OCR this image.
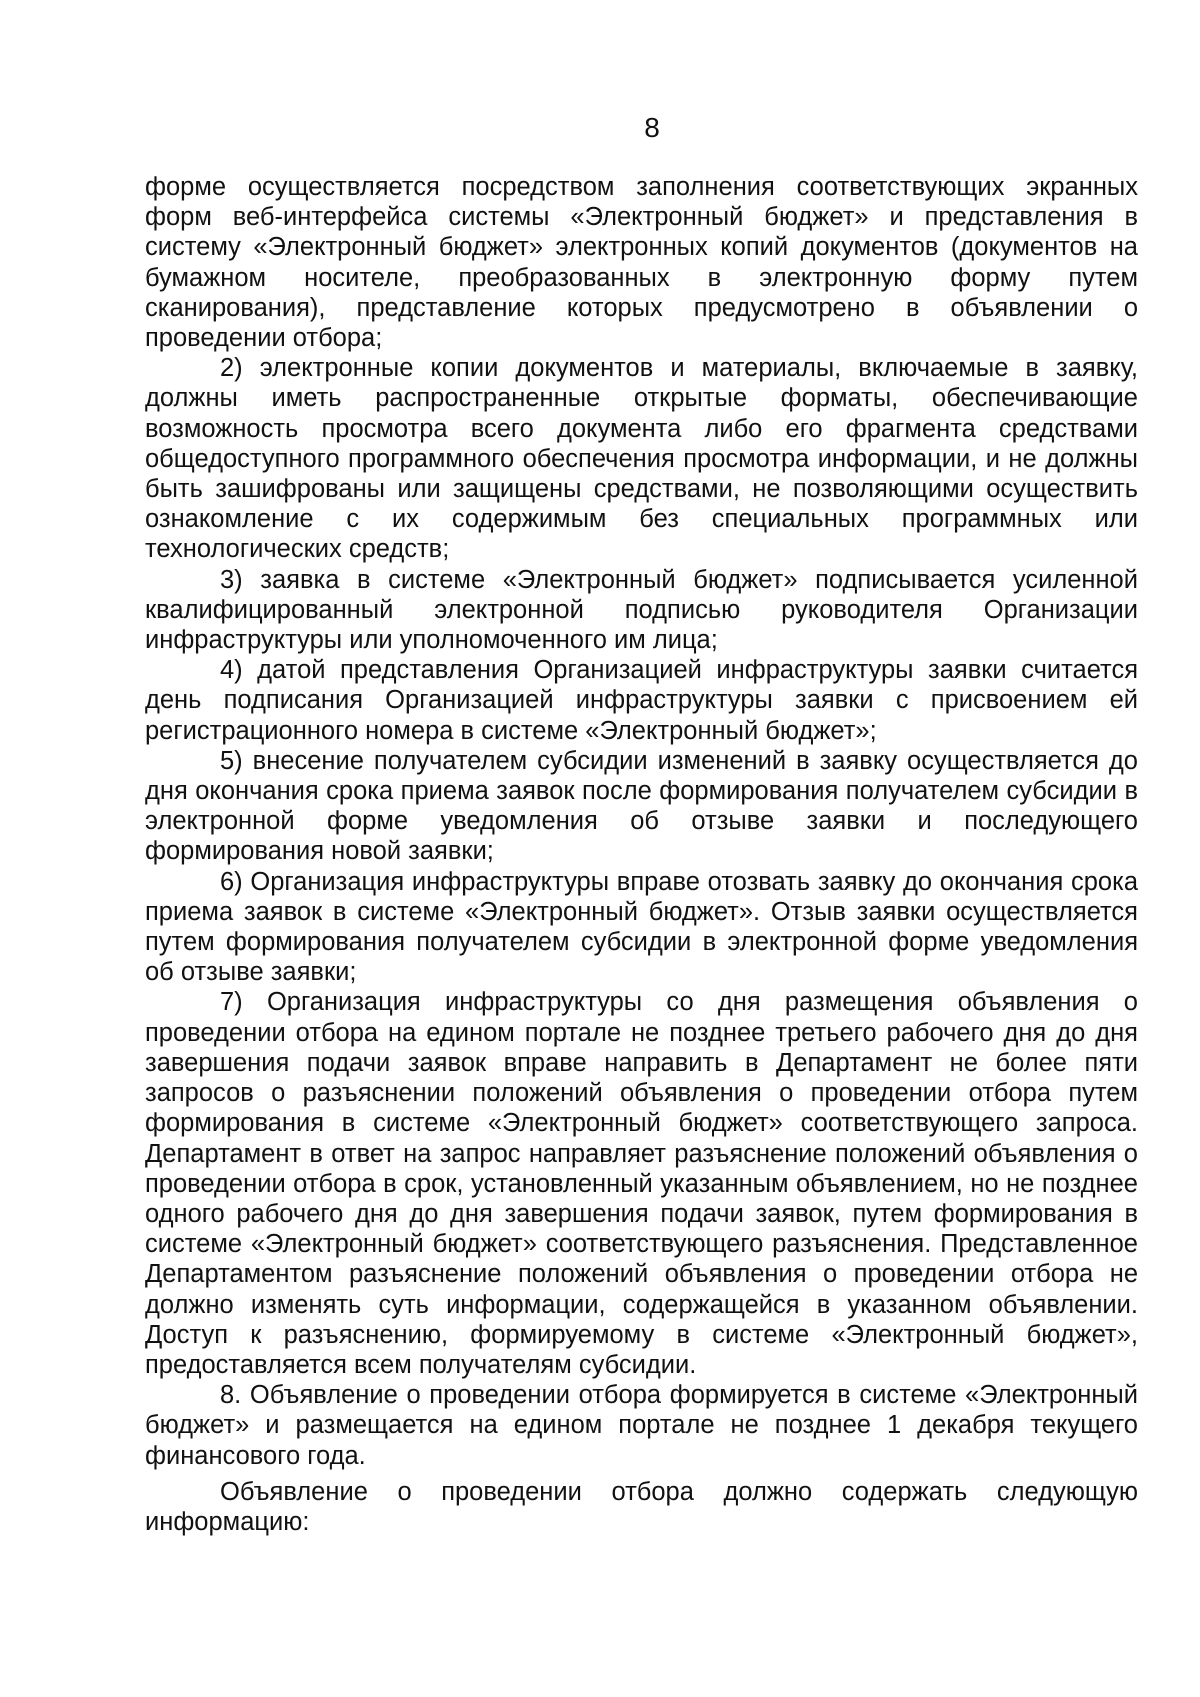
8

форме осуществляется посредством заполнения соответствующих экранных форм веб-интерфейса системы «Электронный бюджет» и представления в систему «Электронный бюджет» электронных копий документов (документов на бумажном носителе, преобразованных в электронную форму путем сканирования), представление которых предусмотрено в объявлении о проведении отбора;

2) электронные копии документов и материалы, включаемые в заявку, должны иметь распространенные открытые форматы, обеспечивающие возможность просмотра всего документа либо его фрагмента средствами общедоступного программного обеспечения просмотра информации, и не должны быть зашифрованы или защищены средствами, не позволяющими осуществить ознакомление с их содержимым без специальных программных или технологических средств;

3) заявка в системе «Электронный бюджет» подписывается усиленной квалифицированный электронной подписью руководителя Организации инфраструктуры или уполномоченного им лица;

4) датой представления Организацией инфраструктуры заявки считается день подписания Организацией инфраструктуры заявки с присвоением ей регистрационного номера в системе «Электронный бюджет»;

5) внесение получателем субсидии изменений в заявку осуществляется до дня окончания срока приема заявок после формирования получателем субсидии в электронной форме уведомления об отзыве заявки и последующего формирования новой заявки;

6) Организация инфраструктуры вправе отозвать заявку до окончания срока приема заявок в системе «Электронный бюджет». Отзыв заявки осуществляется путем формирования получателем субсидии в электронной форме уведомления об отзыве заявки;

7) Организация инфраструктуры со дня размещения объявления о проведении отбора на едином портале не позднее третьего рабочего дня до дня завершения подачи заявок вправе направить в Департамент не более пяти запросов о разъяснении положений объявления о проведении отбора путем формирования в системе «Электронный бюджет» соответствующего запроса. Департамент в ответ на запрос направляет разъяснение положений объявления о проведении отбора в срок, установленный указанным объявлением, но не позднее одного рабочего дня до дня завершения подачи заявок, путем формирования в системе «Электронный бюджет» соответствующего разъяснения. Представленное Департаментом разъяснение положений объявления о проведении отбора не должно изменять суть информации, содержащейся в указанном объявлении. Доступ к разъяснению, формируемому в системе «Электронный бюджет», предоставляется всем получателям субсидии.

8. Объявление о проведении отбора формируется в системе «Электронный бюджет» и размещается на едином портале не позднее 1 декабря текущего финансового года.

Объявление о проведении отбора должно содержать следующую информацию:
